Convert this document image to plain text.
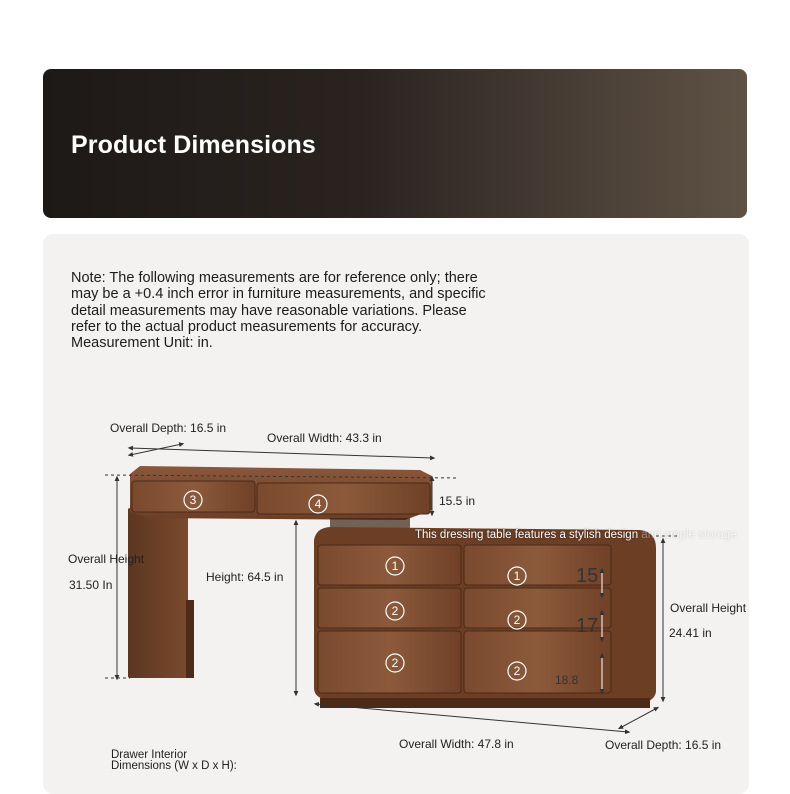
Product Dimensions

Note: The following measurements are for reference only; there
may be a +0.4 inch error in furniture measurements, and specific
detail measurements may have reasonable variations. Please
refer to the actual product measurements for accuracy.
Measurement Unit: in.

3	4
1
1
2
2
2
2
Overall Depth: 16.5 in
Overall Width: 43.3 in
15.5 in
Overall Height
31.50 In
Height: 64.5 in
This dressing table features a stylish design and ample storage
15
17
18.8
Overall Height
24.41 in
Overall Width: 47.8 in	Overall Depth: 16.5 in
Drawer Interior
Dimensions (W x D x H):
